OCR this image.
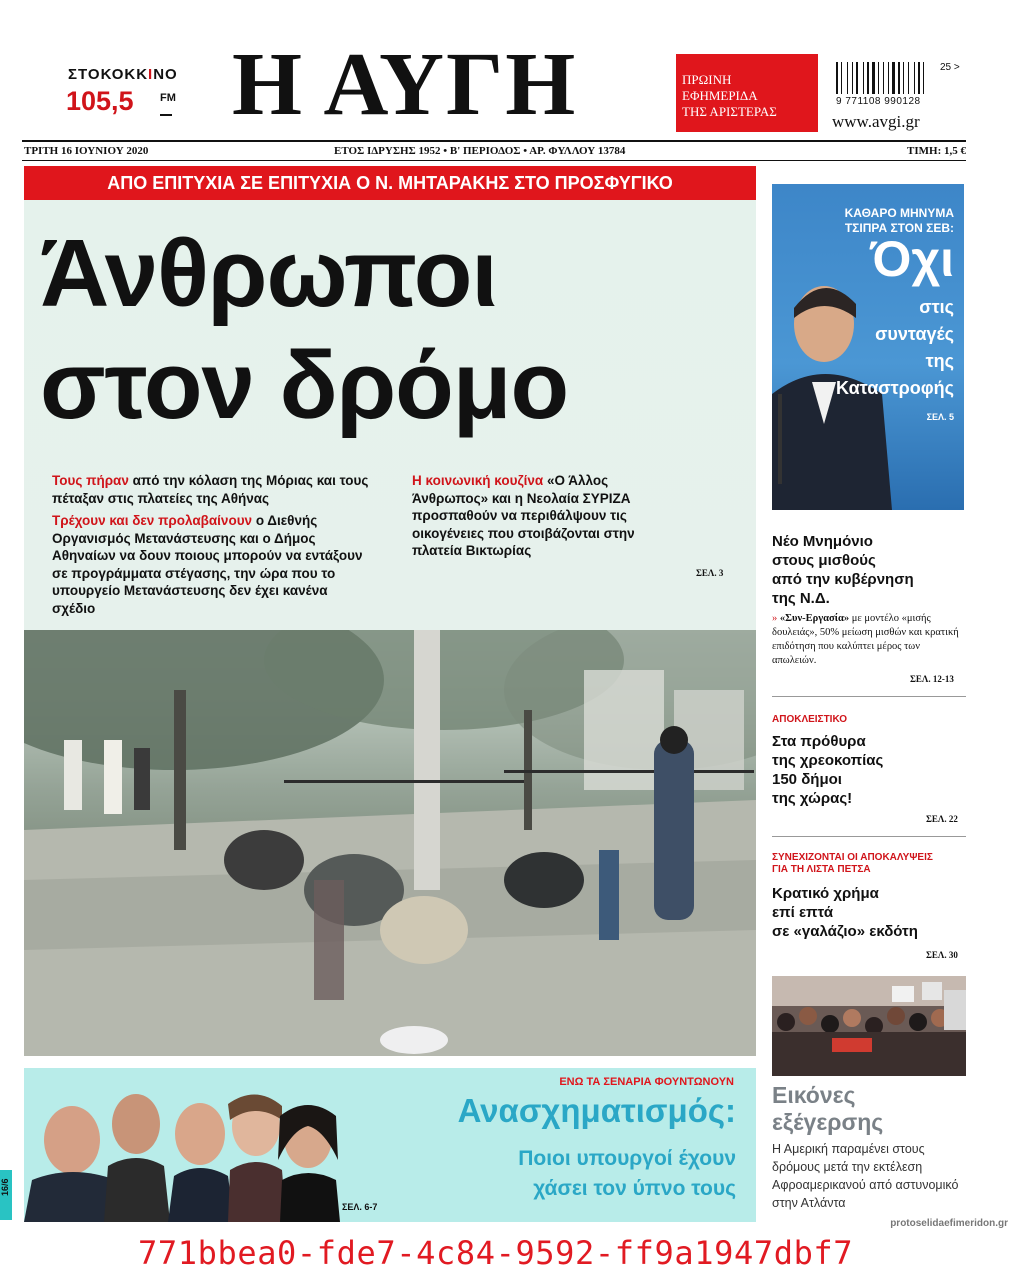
ΣΤΟΚΟΚΚΙΝΟ
105,5 FM Η ΑΥΓΗ	ΠΡΩΙΝΗ
ΕΦΗΜΕΡΙΔΑ
ΤΗΣ ΑΡΙΣΤΕΡΑΣ
25 >
9 771108 990128
www.avgi.gr
ΤΡΙΤΗ 16 ΙΟΥΝΙΟΥ 2020	ΕΤΟΣ ΙΔΡΥΣΗΣ 1952 • Β' ΠΕΡΙΟΔΟΣ • ΑΡ. ΦΥΛΛΟΥ 13784	ΤΙΜΗ: 1,5 €
ΑΠΟ ΕΠΙΤΥΧΙΑ ΣΕ ΕΠΙΤΥΧΙΑ Ο Ν. ΜΗΤΑΡΑΚΗΣ ΣΤΟ ΠΡΟΣΦΥΓΙΚΟ
Άνθρωποι
στον δρόμο

Τους πήραν από την κόλαση της Μόριας και τους πέταξαν στις πλατείες της Αθήνας

Τρέχουν και δεν προλαβαίνουν ο Διεθνής Οργανισμός Μετανάστευσης και ο Δήμος Αθηναίων να δουν ποιους μπορούν να εντάξουν σε προγράμματα στέγασης, την ώρα που το υπουργείο Μετανάστευσης δεν έχει κανένα σχέδιο

Η κοινωνική κουζίνα «Ο Άλλος Άνθρωπος» και η Νεολαία ΣΥΡΙΖΑ προσπαθούν να περιθάλψουν τις οικογένειες που στοιβάζονται στην πλατεία Βικτωρίας

ΣΕΛ. 3
ΚΑΘΑΡΟ ΜΗΝΥΜΑ
ΤΣΙΠΡΑ ΣΤΟΝ ΣΕΒ:
Όχι
στις
συνταγές
της
Καταστροφής
ΣΕΛ. 5
Νέο Μνημόνιο
στους μισθούς
από την κυβέρνηση
της Ν.Δ.
» «Συν-Εργασία» με μοντέλο «μισής δουλειάς», 50% μείωση μισθών και κρατική επιδότηση που καλύπτει μέρος των απωλειών.
ΣΕΛ. 12-13
ΑΠΟΚΛΕΙΣΤΙΚΟ
Στα πρόθυρα
της χρεοκοπίας
150 δήμοι
της χώρας!
ΣΕΛ. 22
ΣΥΝΕΧΙΖΟΝΤΑΙ ΟΙ ΑΠΟΚΑΛΥΨΕΙΣ
ΓΙΑ ΤΗ ΛΙΣΤΑ ΠΕΤΣΑ
Κρατικό χρήμα
επί επτά
σε «γαλάζιο» εκδότη
ΣΕΛ. 30
Εικόνες
εξέγερσης
Η Αμερική παραμένει στους δρόμους μετά την εκτέλεση Αφροαμερικανού από αστυνομικό στην Ατλάντα
ΕΝΩ ΤΑ ΣΕΝΑΡΙΑ ΦΟΥΝΤΩΝΟΥΝ
Ανασχηματισμός:
Ποιοι υπουργοί έχουν
χάσει τον ύπνο τους
ΣΕΛ. 6-7
16/6
protoselidaefimeridon.gr
771bbea0-fde7-4c84-9592-ff9a1947dbf7
